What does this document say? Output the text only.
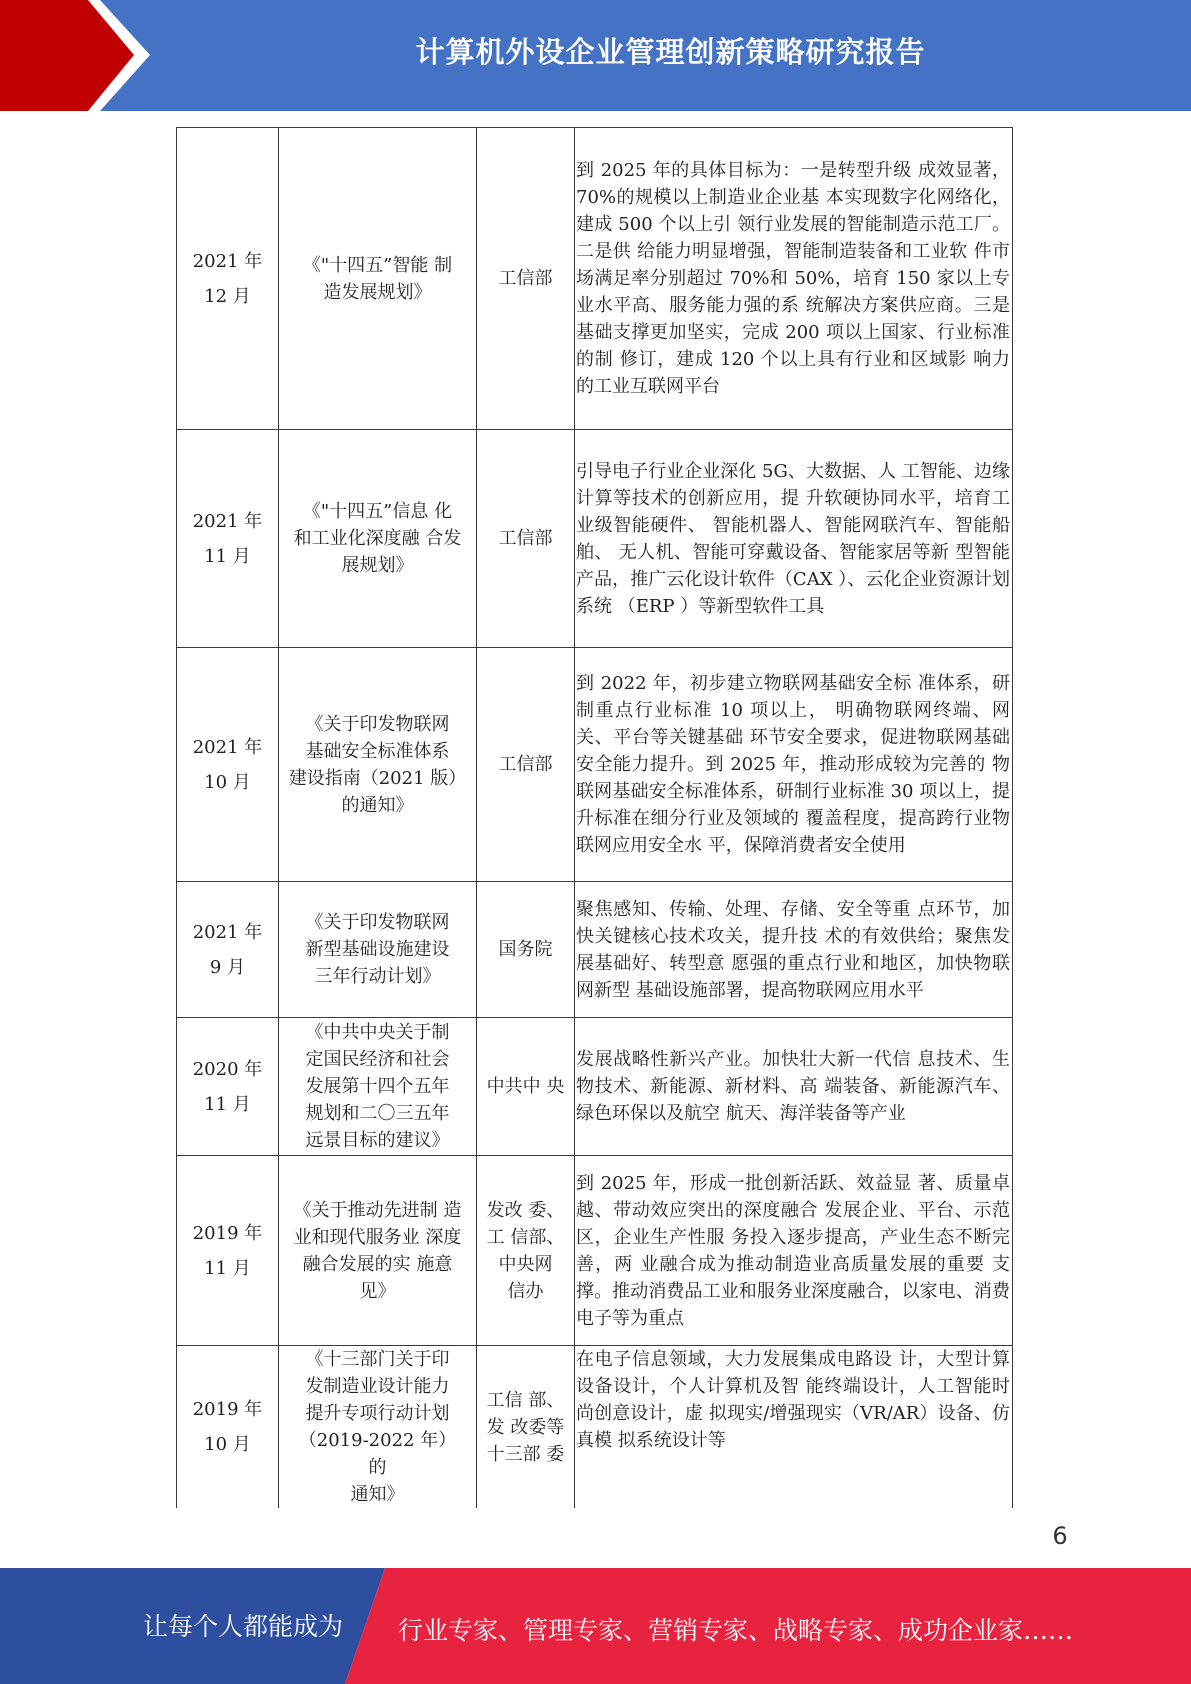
计算机外设企业管理创新策略研究报告
2021 年
12 月	《"十四五”智能 制
造发展规划》	工信部	到 2025 年的具体目标为：一是转型升级 成效显著，70%的规模以上制造业企业基 本实现数字化网络化，建成 500 个以上引 领行业发展的智能制造示范工厂。二是供 给能力明显增强，智能制造装备和工业软 件市场满足率分别超过 70%和 50%，培育 150 家以上专业水平高、服务能力强的系 统解决方案供应商。三是基础支撑更加坚实，完成 200 项以上国家、行业标准的制 修订，建成 120 个以上具有行业和区域影 响力的工业互联网平台

2021 年
11 月	《"十四五”信息 化
和工业化深度融 合发
展规划》	工信部	引导电子行业企业深化 5G、大数据、人 工智能、边缘计算等技术的创新应用，提 升软硬协同水平，培育工业级智能硬件、 智能机器人、智能网联汽车、智能船舶、 无人机、智能可穿戴设备、智能家居等新 型智能产品，推广云化设计软件（CAX ）、云化企业资源计划系统 （ERP ）等新型软件工具

2021 年
10 月	《关于印发物联网
基础安全标准体系
建设指南（2021 版）
的通知》	工信部	到 2022 年，初步建立物联网基础安全标 准体系，研制重点行业标准 10 项以上， 明确物联网终端、网关、平台等关键基础 环节安全要求，促进物联网基础安全能力提升。到 2025 年，推动形成较为完善的 物联网基础安全标准体系，研制行业标准 30 项以上，提升标准在细分行业及领域的 覆盖程度，提高跨行业物联网应用安全水 平，保障消费者安全使用

2021 年
9 月	《关于印发物联网
新型基础设施建设
三年行动计划》	国务院	聚焦感知、传输、处理、存储、安全等重 点环节，加快关键核心技术攻关，提升技 术的有效供给；聚焦发展基础好、转型意 愿强的重点行业和地区，加快物联网新型 基础设施部署，提高物联网应用水平

2020 年
11 月	《中共中央关于制
定国民经济和社会
发展第十四个五年
规划和二〇三五年
远景目标的建议》	中共中 央	发展战略性新兴产业。加快壮大新一代信 息技术、生物技术、新能源、新材料、高 端装备、新能源汽车、绿色环保以及航空 航天、海洋装备等产业

2019 年
11 月	《关于推动先进制 造
业和现代服务业 深度
融合发展的实 施意
见》	发改 委、
工 信部、
中央网
信办	到 2025 年，形成一批创新活跃、效益显 著、质量卓越、带动效应突出的深度融合 发展企业、平台、示范区，企业生产性服 务投入逐步提高，产业生态不断完善，两 业融合成为推动制造业高质量发展的重要 支撑。推动消费品工业和服务业深度融合，以家电、消费电子等为重点

2019 年
10 月	《十三部门关于印
发制造业设计能力
提升专项行动计划
（2019-2022 年） 的
通知》	工信 部、
发 改委等
十三部 委	在电子信息领域，大力发展集成电路设 计，大型计算设备设计，个人计算机及智 能终端设计，人工智能时尚创意设计，虚 拟现实/增强现实（VR/AR）设备、仿真模 拟系统设计等
6
让每个人都能成为 行业专家、管理专家、营销专家、战略专家、成功企业家……
